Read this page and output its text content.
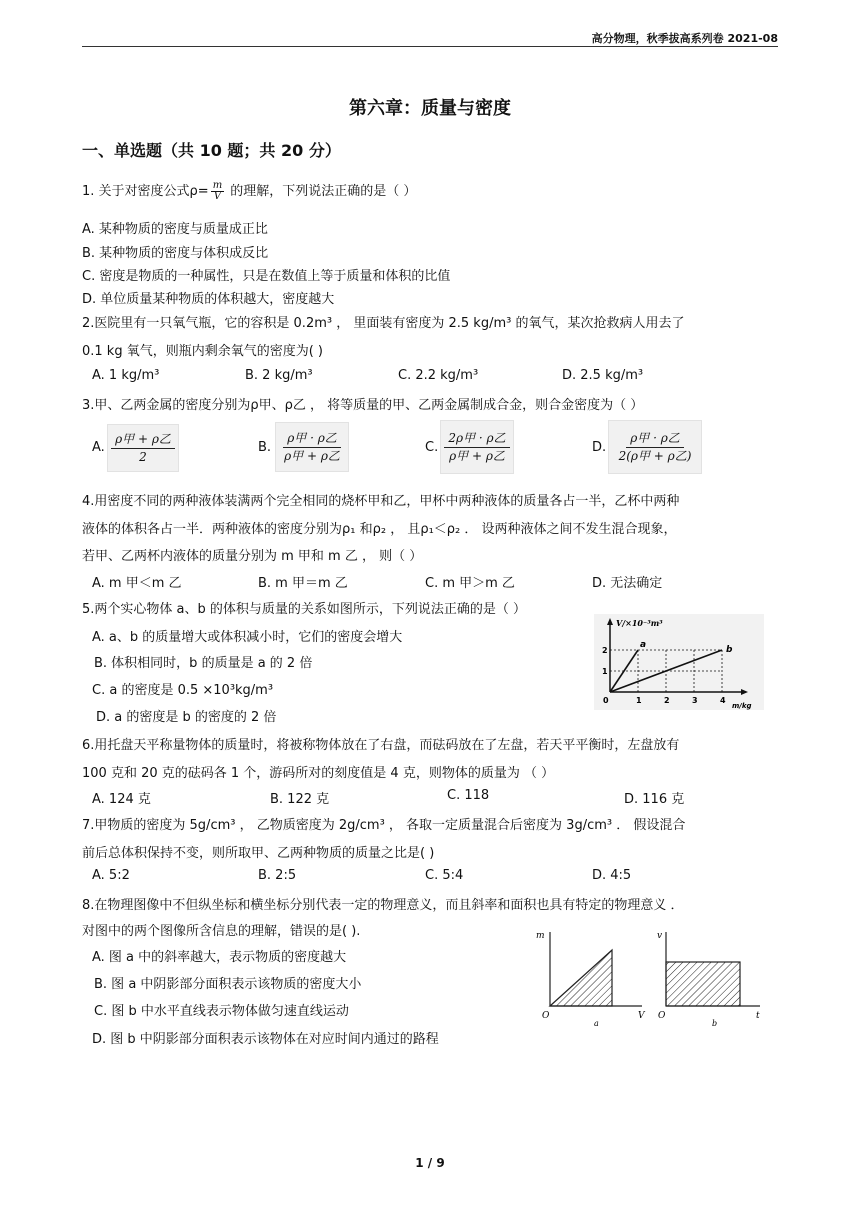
高分物理，秋季拔高系列卷 2021-08
第六章：质量与密度
一、单选题（共 10 题；共 20 分）
1. 关于对密度公式$\rho= \frac{m}{V}$ 的理解，下列说法正确的是（ ）
A. 某种物质的密度与质量成正比
B. 某种物质的密度与体积成反比
C. 密度是物质的一种属性，只是在数值上等于质量和体积的比值
D. 单位质量某种物质的体积越大，密度越大
2.医院里有一只氧气瓶，它的容积是 0.2m³ ， 里面装有密度为 2.5 kg/m³ 的氧气，某次抢救病人用去了
0.1 kg 氧气，则瓶内剩余氧气的密度为( )
A. 1 kg/m³	B. 2 kg/m³	C. 2.2 kg/m³	D. 2.5 kg/m³
3.甲、乙两金属的密度分别为ρ甲、ρ乙 ， 将等质量的甲、乙两金属制成合金，则合金密度为（ ）
A.
ρ甲 + ρ乙
2
B.
ρ甲 · ρ乙
ρ甲 + ρ乙
C.
2ρ甲 · ρ乙
ρ甲 + ρ乙
D.
ρ甲 · ρ乙
2(ρ甲 + ρ乙)
4.用密度不同的两种液体装满两个完全相同的烧杯甲和乙，甲杯中两种液体的质量各占一半，乙杯中两种
液体的体积各占一半．两种液体的密度分别为ρ₁ 和ρ₂ ， 且ρ₁＜ρ₂ ． 设两种液体之间不发生混合现象，
若甲、乙两杯内液体的质量分别为 m 甲和 m 乙 ， 则（ ）
A. m 甲＜m 乙	B. m 甲＝m 乙	C. m 甲＞m 乙	D. 无法确定
5.两个实心物体 a、b 的体积与质量的关系如图所示，下列说法正确的是（ ）
A. a、b 的质量增大或体积减小时，它们的密度会增大
B. 体积相同时，b 的质量是 a 的 2 倍
C. a 的密度是 0.5 ×10³kg/m³
D. a 的密度是 b 的密度的 2 倍
V/×10⁻³m³
1
2
0	1	2	3	4
m/kg
a	b
6.用托盘天平称量物体的质量时，将被称物体放在了右盘，而砝码放在了左盘，若天平平衡时，左盘放有
100 克和 20 克的砝码各 1 个，游码所对的刻度值是 4 克，则物体的质量为 （ ）
A. 124 克	B. 122 克	C. 118	D. 116 克
7.甲物质的密度为 5g/cm³ ， 乙物质密度为 2g/cm³ ， 各取一定质量混合后密度为 3g/cm³ ． 假设混合
前后总体积保持不变，则所取甲、乙两种物质的质量之比是( )
A. 5:2	B. 2:5	C. 5:4	D. 4:5
8.在物理图像中不但纵坐标和横坐标分别代表一定的物理意义，而且斜率和面积也具有特定的物理意义 ．
对图中的两个图像所含信息的理解，错误的是( ).
A. 图 a 中的斜率越大，表示物质的密度越大
B. 图 a 中阴影部分面积表示该物质的密度大小
C. 图 b 中水平直线表示物体做匀速直线运动
D. 图 b 中阴影部分面积表示该物体在对应时间内通过的路程
m
V
O
a
v
t
O
b
1 / 9
